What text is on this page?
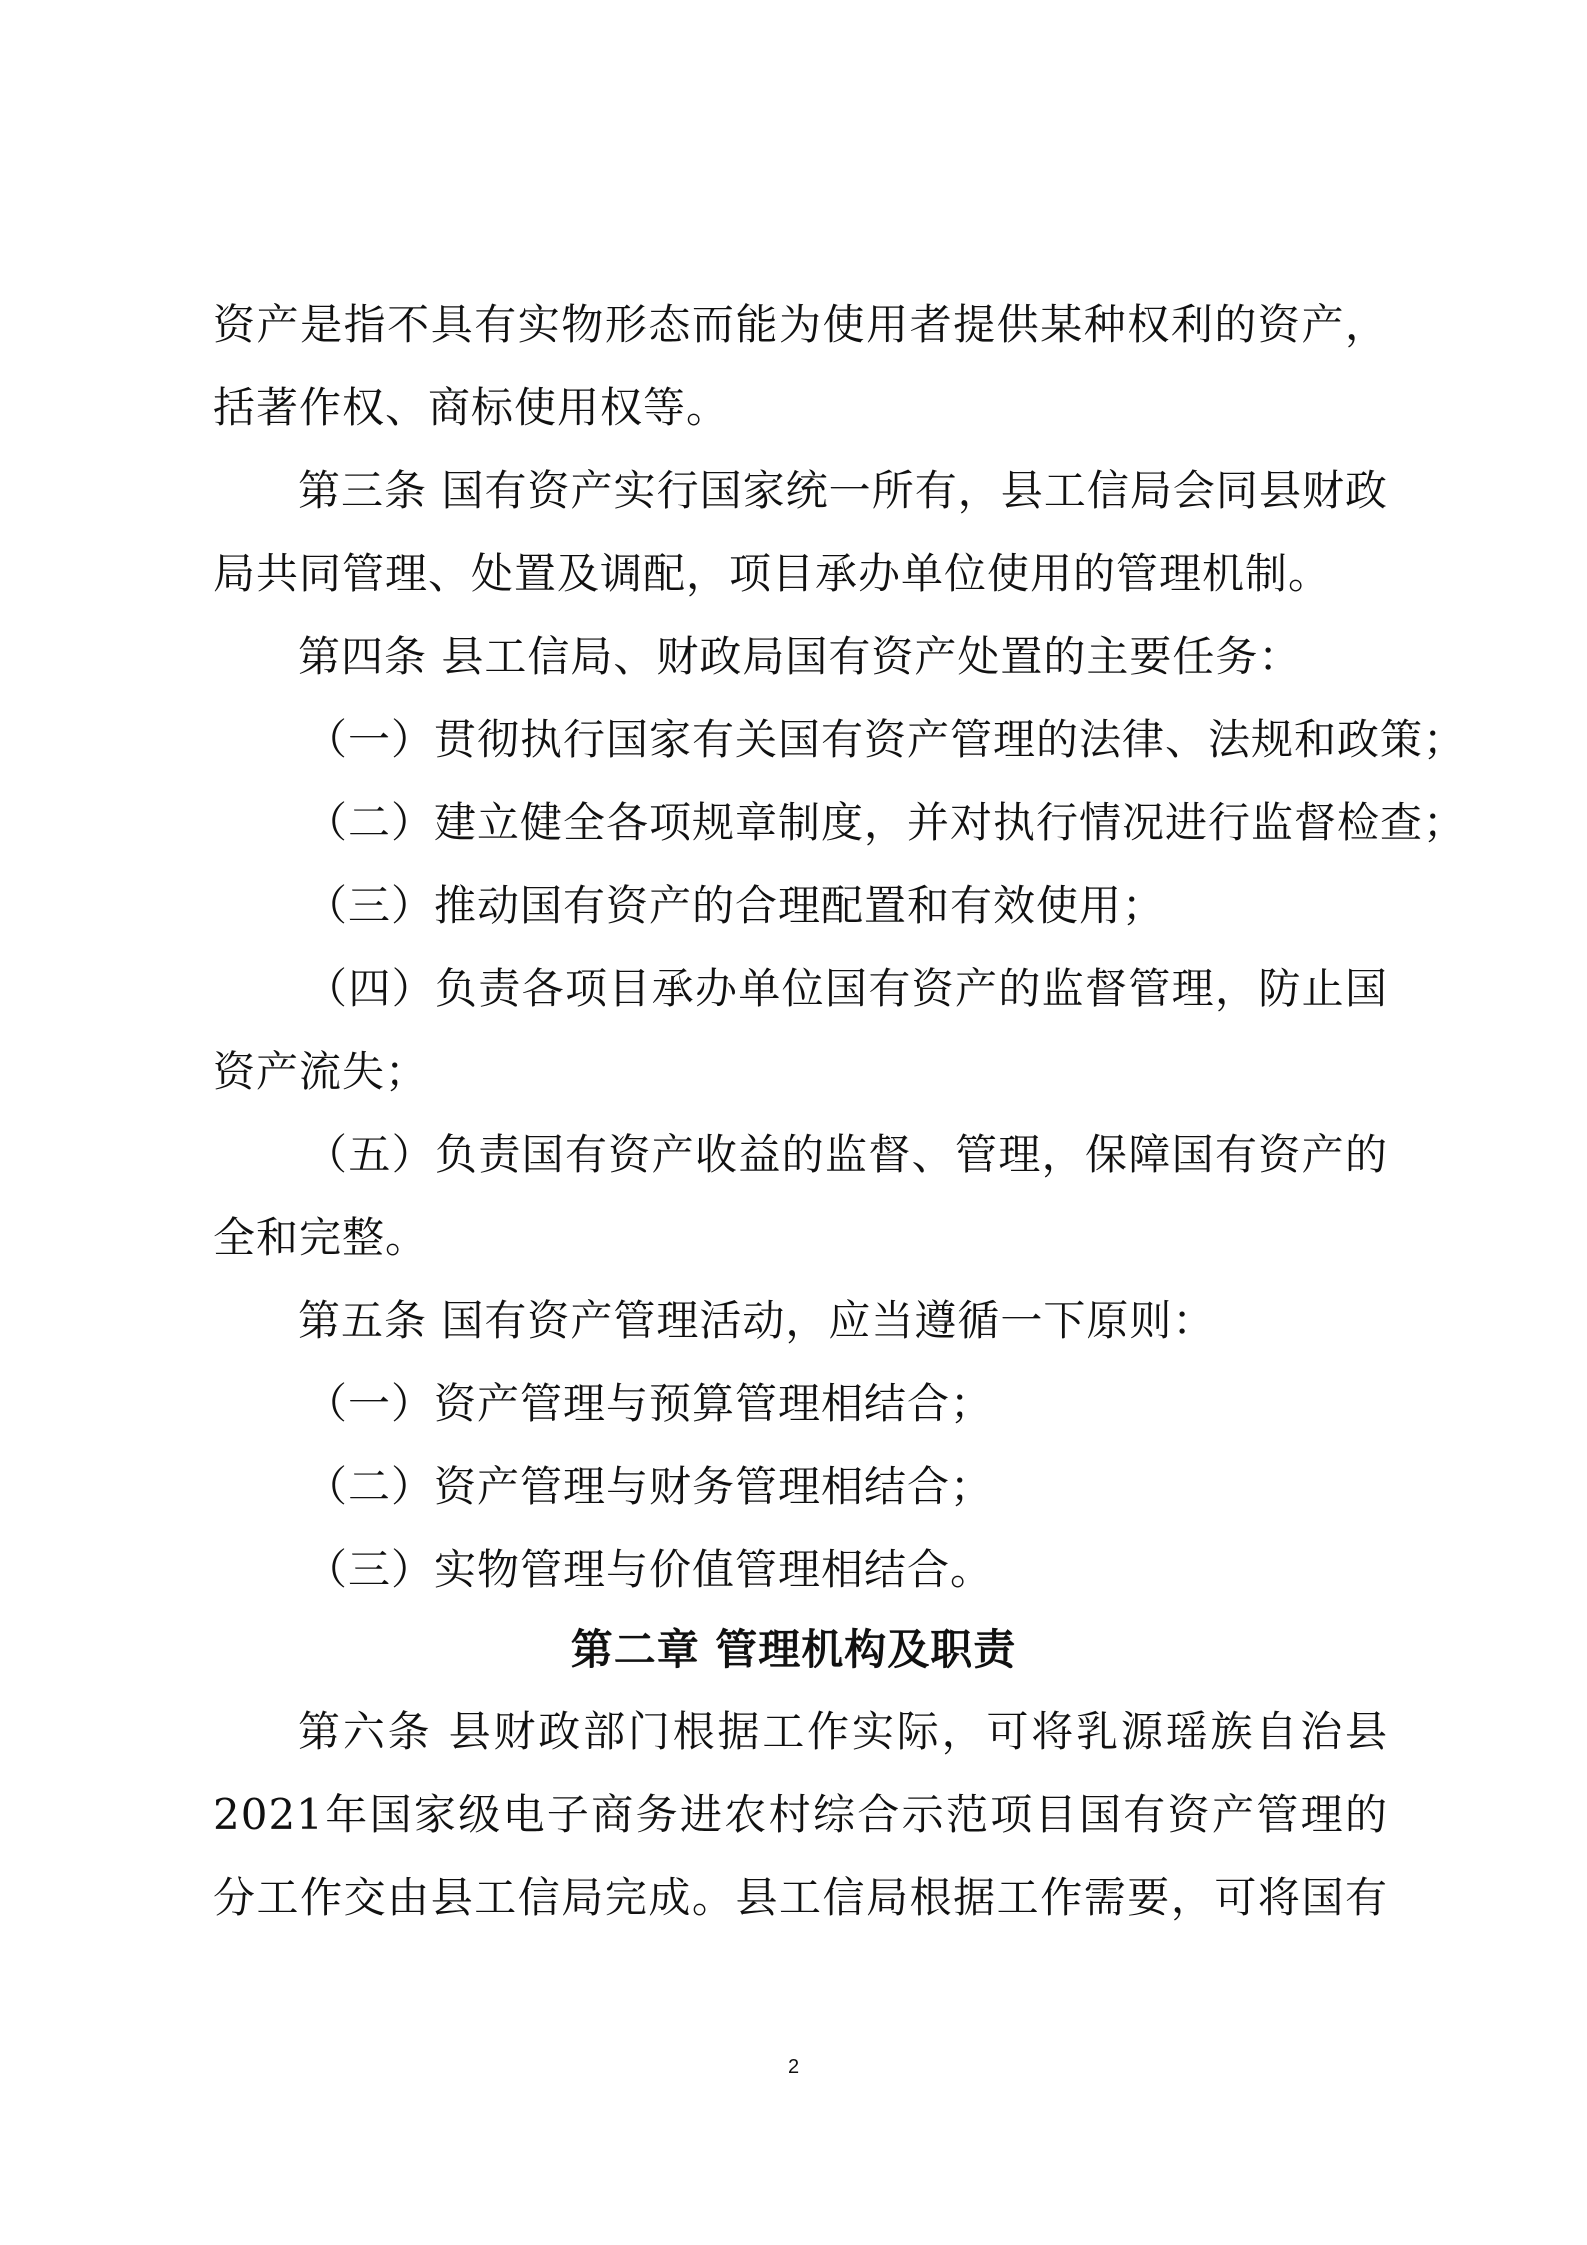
资产是指不具有实物形态而能为使用者提供某种权利的资产，
括著作权、商标使用权等。
第三条 国有资产实行国家统一所有，县工信局会同县财政
局共同管理、处置及调配，项目承办单位使用的管理机制。
第四条 县工信局、财政局国有资产处置的主要任务：
（一）贯彻执行国家有关国有资产管理的法律、法规和政策；
（二）建立健全各项规章制度，并对执行情况进行监督检查；
（三）推动国有资产的合理配置和有效使用；
（四）负责各项目承办单位国有资产的监督管理，防止国
资产流失；
（五）负责国有资产收益的监督、管理，保障国有资产的
全和完整。
第五条 国有资产管理活动，应当遵循一下原则：
（一）资产管理与预算管理相结合；
（二）资产管理与财务管理相结合；
（三）实物管理与价值管理相结合。
第二章 管理机构及职责
第六条 县财政部门根据工作实际，可将乳源瑶族自治县
2021年国家级电子商务进农村综合示范项目国有资产管理的
分工作交由县工信局完成。县工信局根据工作需要，可将国有
2
